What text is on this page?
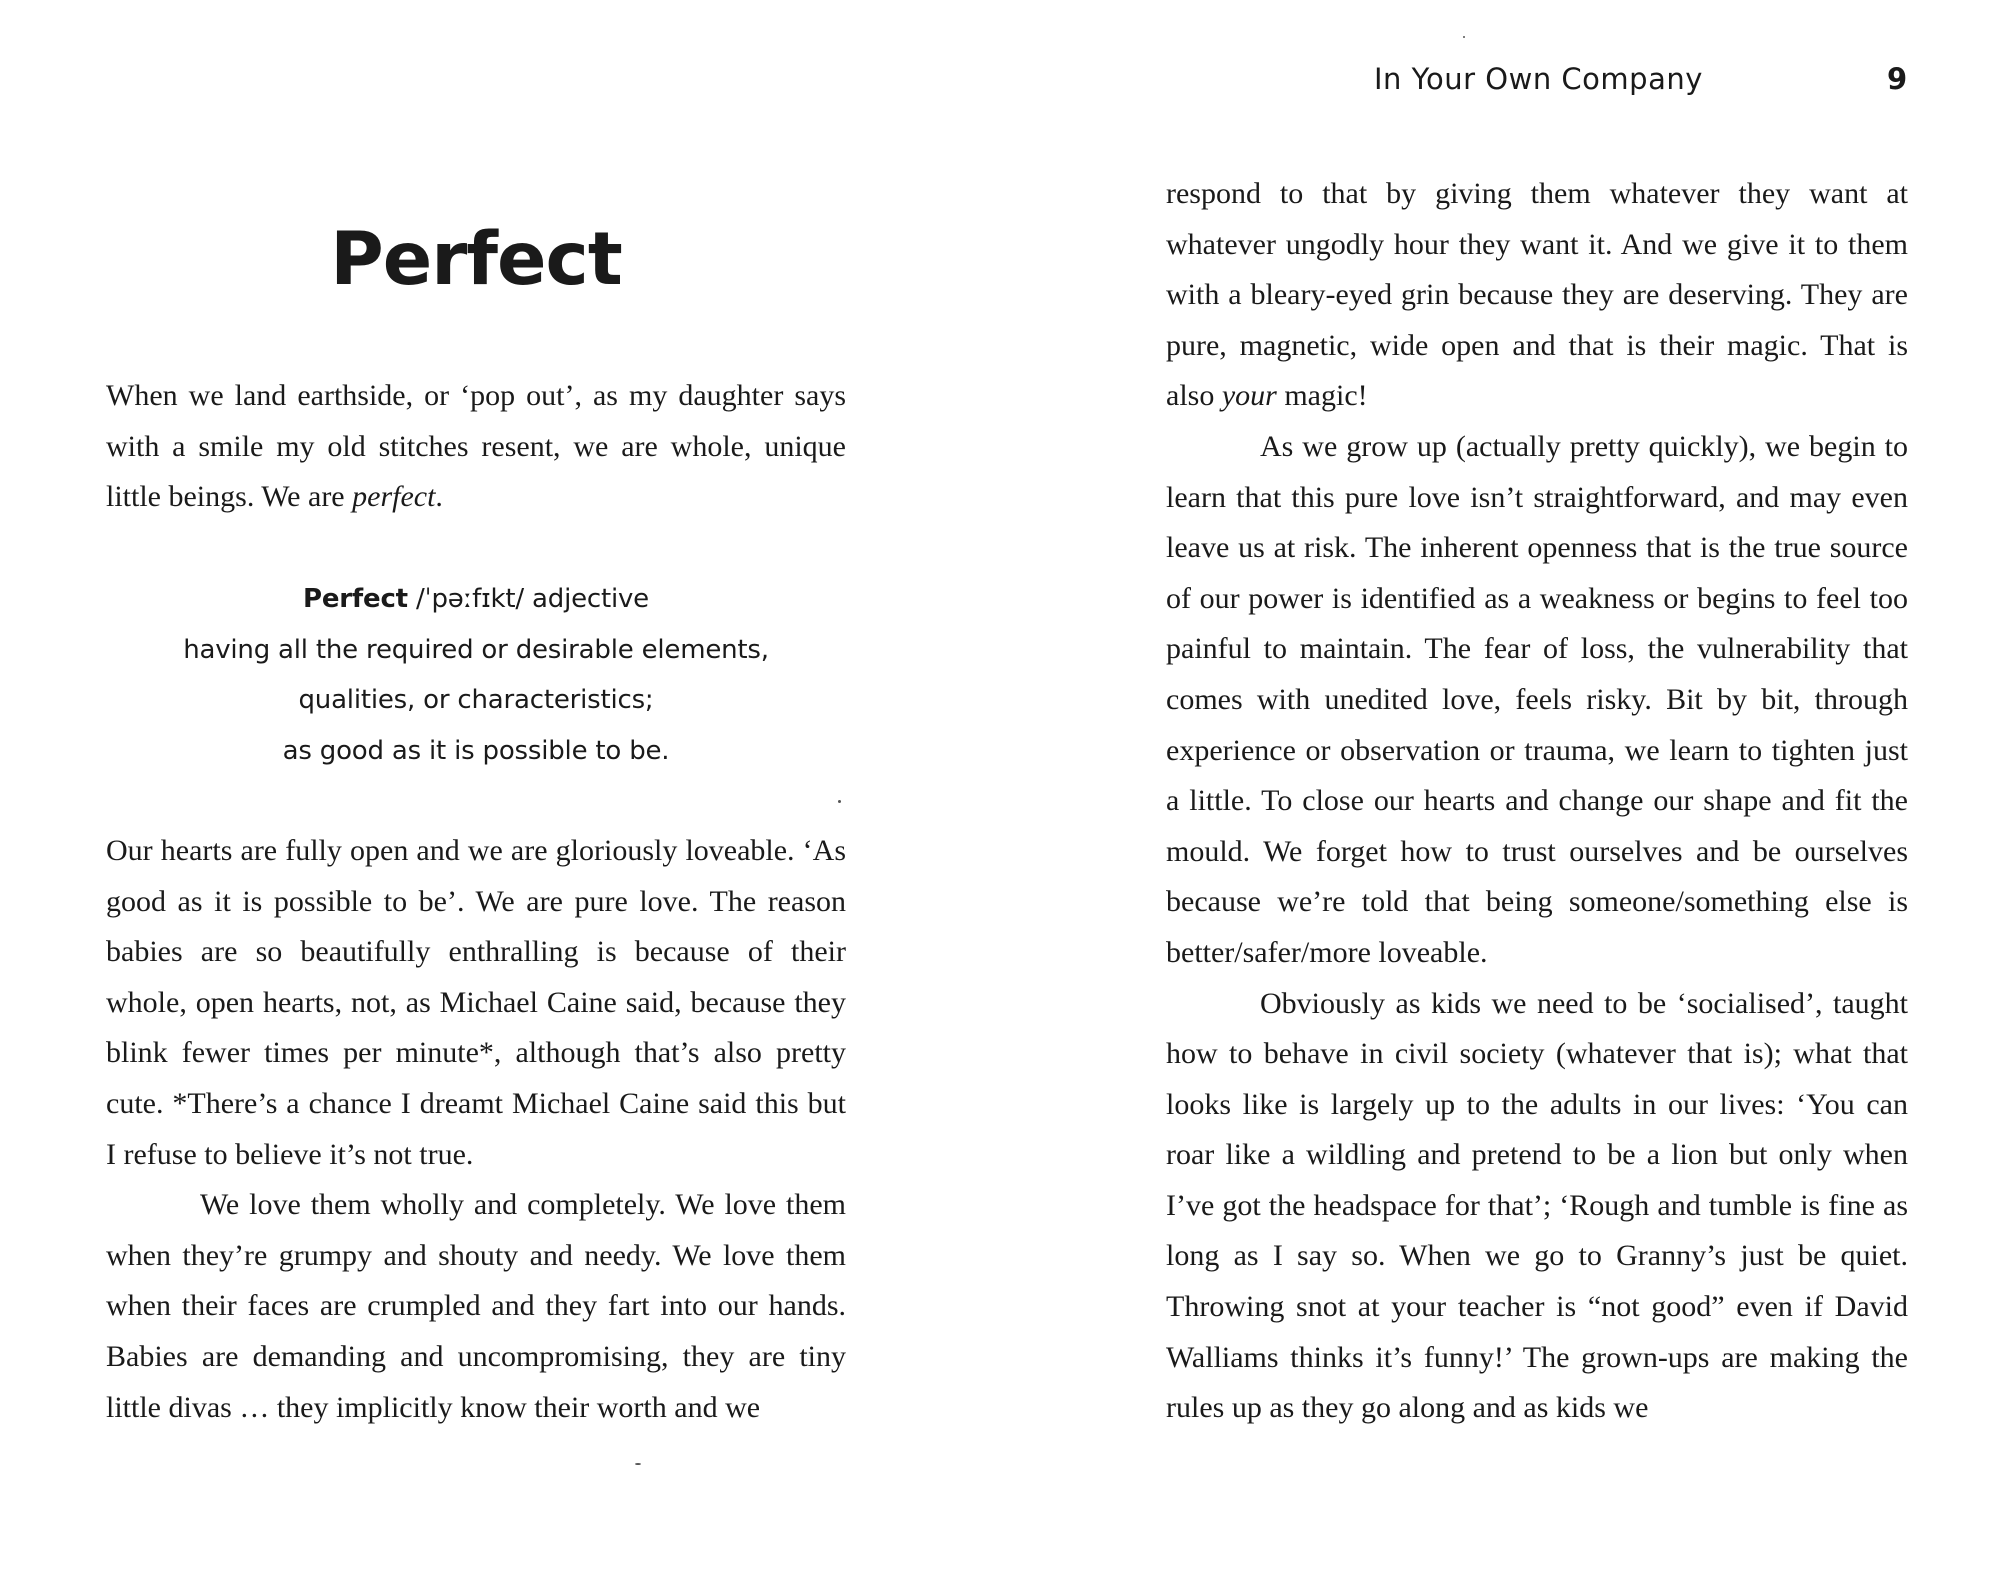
Perfect

When we land earthside, or ‘pop out’, as my daughter says with a smile my old stitches resent, we are whole, unique little beings. We are perfect.

Perfect /ˈpəːfɪkt/ adjective
having all the required or desirable elements,
qualities, or characteristics;
as good as it is possible to be.

Our hearts are fully open and we are gloriously loveable. ‘As good as it is possible to be’. We are pure love. The reason babies are so beautifully enthralling is because of their whole, open hearts, not, as Michael Caine said, because they blink fewer times per minute*, although that’s also pretty cute. *There’s a chance I dreamt Michael Caine said this but I refuse to believe it’s not true.

We love them wholly and completely. We love them when they’re grumpy and shouty and needy. We love them when their faces are crumpled and they fart into our hands. Babies are demanding and uncompromising, they are tiny little divas … they implicitly know their worth and we

In Your Own Company	9

respond to that by giving them whatever they want at whatever ungodly hour they want it. And we give it to them with a bleary-eyed grin because they are deserving. They are pure, magnetic, wide open and that is their magic. That is also your magic!

As we grow up (actually pretty quickly), we begin to learn that this pure love isn’t straightforward, and may even leave us at risk. The inherent openness that is the true source of our power is identified as a weakness or begins to feel too painful to maintain. The fear of loss, the vulnerability that comes with unedited love, feels risky. Bit by bit, through experience or observation or trauma, we learn to tighten just a little. To close our hearts and change our shape and fit the mould. We forget how to trust ourselves and be ourselves because we’re told that being someone/something else is better/safer/more loveable.

Obviously as kids we need to be ‘socialised’, taught how to behave in civil society (whatever that is); what that looks like is largely up to the adults in our lives: ‘You can roar like a wildling and pretend to be a lion but only when I’ve got the headspace for that’; ‘Rough and tumble is fine as long as I say so. When we go to Granny’s just be quiet. Throwing snot at your teacher is “not good” even if David Walliams thinks it’s funny!’ The grown-ups are making the rules up as they go along and as kids we
